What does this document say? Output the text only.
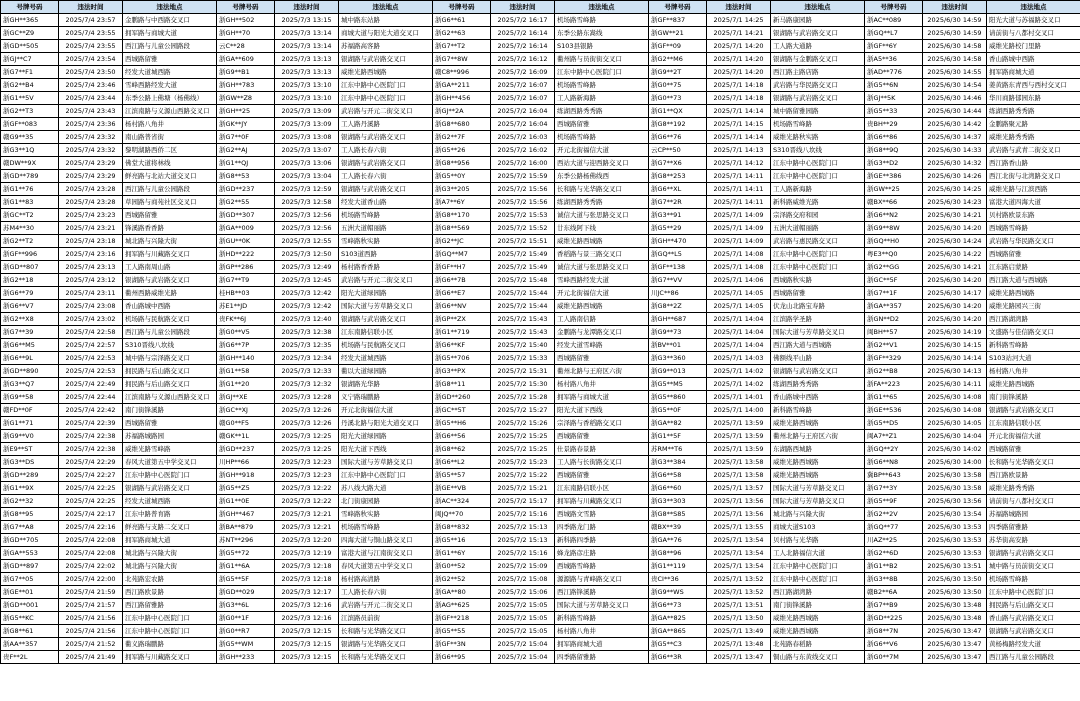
号牌号码	违法时间	违法地点	号牌号码	违法时间	违法地点	号牌号码	违法时间	违法地点	号牌号码	违法时间	违法地点	号牌号码	违法时间	违法地点
浙GH**365	2025/7/4 23:57	金鹏路与中西路交叉口	浙GH**502	2025/7/3 13:15	城中路东站路	浙G6**61	2025/7/2 16:17	机场路雪峰路	浙GF**837	2025/7/1 14:25	新马路康园路	浙AC**089	2025/6/30 14:59	阳光大道与苏福路交叉口
浙GC**Z9	2025/7/4 23:55	拥军路与商城大道	浙GH**70	2025/7/3 13:14	商城大道与阳光大道交叉口	浙G2**63	2025/7/2 16:14	东季公路东嵩线	浙GW**21	2025/7/1 14:21	银湖路与武岩路交叉口	浙GQ**L7	2025/6/30 14:59	请前街与八都村交叉口
浙GD**505	2025/7/4 23:55	西江路与儿童公园路段	云C**28	2025/7/3 13:14	苏福路高客路	浙G7**T2	2025/7/2 16:14	S103县银路	浙GF**09	2025/7/1 14:20	工人路大通路	浙GF**6Y	2025/6/30 14:58	威维光路校门里路
浙GJ**C7	2025/7/4 23:54	西城路留雅	浙GA**609	2025/7/3 13:13	银湖路与武岩路交叉口	浙G7**8W	2025/7/2 16:12	衢州路与员街街交叉口	浙G2**M6	2025/7/1 14:20	银湖路与金鹏路交叉口	浙A5**36	2025/6/30 14:58	香山路城中西路
浙G7**F1	2025/7/4 23:50	经发大道城西路	浙G9**B1	2025/7/3 13:13	威维光路西城路	赣C8**996	2025/7/2 16:09	江东中路中心医院门口	浙G9**2T	2025/7/1 14:20	西江路主路店路	浙AD**776	2025/6/30 14:55	拥军路商城大道
浙G2**B4	2025/7/4 23:46	雪峰西路经发大道	浙GH**783	2025/7/3 13:10	江东中路中心医院门口	浙GA**211	2025/7/2 16:07	机场路雪峰路	浙G0**75	2025/7/1 14:18	武岩路与华民路交叉口	浙G5**6N	2025/6/30 14:54	姜黄路东青西与西村交叉口
浙G1**5V	2025/7/4 23:44	东季公路上佛塘（杨佛线）	浙GW**Z8	2025/7/3 13:10	江东中路中心医院门口	浙GH**456	2025/7/2 16:07	工人路新海路	浙G0**73	2025/7/1 14:18	银湖路与武岩路交叉口	浙GJ**5K	2025/6/30 14:46	华川商路郁园东路
浙G2**T3	2025/7/4 23:43	江滨南路与义源山西路交叉口	浙GH**25	2025/7/3 13:09	武岩路与开元二街交叉口	浙GJ**2A	2025/7/2 16:04	练湖西路秀秀路	浙G1**QX	2025/7/1 14:14	城中路留雅园路	浙G5**33	2025/6/30 14:44	练湖西路秀秀路
浙GF**083	2025/7/4 23:36	杨村路八角井	浙GK**JY	2025/7/3 13:09	工人路丹溪路	浙G8**680	2025/7/2 16:04	西城路留雅	浙G8**192	2025/7/1 14:15	机场路雪峰路	贵BH**29	2025/6/30 14:42	金鹏路聚元路
赣G9**35	2025/7/4 23:32	南山路普省街	浙G7**0F	2025/7/3 13:08	银湖路与武岩路交叉口	浙G2**7F	2025/7/2 16:03	机场路雪峰路	浙G6**76	2025/7/1 14:14	威维光路秋实路	浙G6**86	2025/6/30 14:37	威维光路秀秀路
浙G3**1Q	2025/7/4 23:32	黎明湖路西侨二区	浙G2**AJ	2025/7/3 13:07	工人路长春六街	浙G5**26	2025/7/2 16:02	开元北街福信大道	云CP**50	2025/7/1 14:13	S310晋线八坎线	浙G8**9Q	2025/6/30 14:33	武岩路与武青二街交叉口
赣DW**9X	2025/7/4 23:29	佛堂大道将林线	浙G1**QJ	2025/7/3 13:06	银湖路与武岩路交叉口	浙G8**956	2025/7/2 16:00	西站大道与迎西路交叉口	浙G7**X6	2025/7/1 14:12	江东中路中心医院门口	浙G3**D2	2025/6/30 14:32	西江路香山路
浙GD**789	2025/7/4 23:29	鲜亮路与北站大道交叉口	浙G8**53	2025/7/3 13:04	工人路长春六街	浙G5**0Y	2025/7/2 15:59	东季公路杨佛线西	浙G8**253	2025/7/1 14:11	江东中路中心医院门口	浙GE**386	2025/6/30 14:26	西江北街与北湾路交叉口
浙G1**76	2025/7/4 23:28	西江路与儿童公园路段	浙GD**237	2025/7/3 12:59	银湖路与武岩路交叉口	浙G3**205	2025/7/2 15:56	长和路与光华路交叉口	浙G6**XL	2025/7/1 14:11	工人路新海路	浙GW**25	2025/6/30 14:25	威维光路与江滨西路
浙G1**83	2025/7/4 23:28	草园路与商苑社区交叉口	浙G2**55	2025/7/3 12:58	经发大道香山路	浙A7**6Y	2025/7/2 15:56	练湖西路秀秀路	浙G7**2R	2025/7/1 14:11	新科路威维光路	赣BX**66	2025/6/30 14:23	富港大道四海大道
浙GC**T2	2025/7/4 23:23	西城路留雅	浙GD**307	2025/7/3 12:56	机场路雪峰路	浙G8**170	2025/7/2 15:53	诚信大道与张思路交叉口	浙G3**91	2025/7/1 14:09	宗泽路交府和园	浙G6**N2	2025/6/30 14:21	贝村路欧景东路
苏M4**30	2025/7/4 23:21	锋溪路香香路	浙GA**009	2025/7/3 12:56	五洲大道帽丽路	浙G8**569	2025/7/2 15:52	廿东线阿下线	浙G5**29	2025/7/1 14:09	五洲大道帽丽路	浙G9**8W	2025/6/30 14:20	西城路雪峰路
浙G2**T2	2025/7/4 23:18	城北路与兴隆大街	浙GU**0K	2025/7/3 12:55	雪峰路秋实路	浙G2**JC	2025/7/2 15:51	威维光路西城路	浙GH**470	2025/7/1 14:09	武岩路与惠民路交叉口	浙GQ**H0	2025/6/30 14:24	武岩路与华民路交叉口
浙GF**996	2025/7/4 23:16	拥军路与川藏路交叉口	浙HD**222	2025/7/3 12:50	S103道西路	浙GQ**M7	2025/7/2 15:49	香稻路与景三路交叉口	浙GQ**L5	2025/7/1 14:08	江东中路中心医院门口	粤E3**Q0	2025/6/30 14:22	西城路留雅
浙GD**807	2025/7/4 23:13	工人路南周山路	浙GP**286	2025/7/3 12:49	杨村路香香路	浙GF**H7	2025/7/2 15:49	诚信大道与张思路交叉口	浙GF**138	2025/7/1 14:08	江东中路中心医院门口	浙G2**GG	2025/6/30 14:21	江东路启蒙路
浙G2**18	2025/7/4 23:12	银湖路与武岩路交叉口	浙G7**T9	2025/7/3 12:45	武岩路与开元二街交叉口	浙G6**7B	2025/7/2 15:48	雪峰西路经发大道	浙G7**VV	2025/7/1 14:06	西城路秋实路	浙GC**5F	2025/6/30 14:20	西江路大道与西城路
浙G6**79	2025/7/4 23:11	衢州西路威维光路	桂HB**03	2025/7/3 12:42	阳光大道绿园路	浙G6**E7	2025/7/2 15:44	开元北街福信大道	川JC**86	2025/7/1 14:05	西城路留雅	浙G7**1F	2025/6/30 14:17	威维光路西城路
浙G6**V7	2025/7/4 23:08	香山路城中西路	苏E1**JD	2025/7/3 12:42	国际大道与芳草路交叉口	浙G6**NV	2025/7/2 15:44	威维光路西城路	浙G8**2Z	2025/7/1 14:05	伏龙山北路宝寿路	浙GA**357	2025/6/30 14:20	威维光路园兴三街
浙G2**X8	2025/7/4 23:02	机场路与民航路交叉口	贵FK**6J	2025/7/3 12:40	银湖路与武岩路交叉口	浙GP**ZX	2025/7/2 15:43	工人路南信路	浙GH**687	2025/7/1 14:04	江滨路学圣路	浙GN**D2	2025/6/30 14:20	西江路湖湾路
浙G7**39	2025/7/4 22:58	西江路与儿童公园路段	浙G0**V5	2025/7/3 12:38	江东南路信联小区	浙G1**719	2025/7/2 15:43	金鹏路与龙潭路交叉口	浙G9**73	2025/7/1 14:04	国际大道与芳草路交叉口	闽BH**57	2025/6/30 14:19	文盛路与佳信路交叉口
浙G6**M5	2025/7/4 22:57	S310晋线八坎线	浙G6**7P	2025/7/3 12:35	机场路与民航路交叉口	浙G6**KF	2025/7/2 15:40	经发大道雪峰路	浙BV**01	2025/7/1 14:04	西江路大道与西城路	浙G2**V1	2025/6/30 14:15	新科路雪峰路
浙G6**9L	2025/7/4 22:53	城中路与宗泽路交叉口	浙GH**140	2025/7/3 12:34	经发大道城西路	浙G5**706	2025/7/2 15:33	西城路留雅	浙G3**360	2025/7/1 14:03	佛额线平山路	浙GF**329	2025/6/30 14:14	S103站河大道
浙GD**890	2025/7/4 22:53	拥民路与后山路交叉口	浙G1**58	2025/7/3 12:33	衢以大道绿园路	浙G3**PX	2025/7/2 15:31	衢州北路与王府区六街	浙G9**013	2025/7/1 14:02	银湖路与武岩路交叉口	浙G2**B8	2025/6/30 14:13	杨村路八角井
浙G3**Q7	2025/7/4 22:49	拥民路与后山路交叉口	浙G1**20	2025/7/3 12:32	银湖路光华路	浙G8**11	2025/7/2 15:30	杨村路八角井	浙G5**M5	2025/7/1 14:02	练湖西路秀秀路	浙FA**223	2025/6/30 14:11	威维光路西城路
浙G9**58	2025/7/4 22:44	江滨南路与义源山西路交叉口	浙GJ**XE	2025/7/3 12:28	义宁路瑞鹏路	浙GD**260	2025/7/2 15:28	拥军路与商城大道	浙G5**860	2025/7/1 14:01	香山路城中西路	浙G1**65	2025/6/30 14:08	南门街锋溪路
赣FD**0F	2025/7/4 22:42	南门街锋溪路	浙GC**XJ	2025/7/3 12:26	开元北街福信大道	浙GC**5T	2025/7/2 15:27	阳光大道下西线	浙G5**0F	2025/7/1 14:00	新科路雪峰路	浙GE**536	2025/6/30 14:08	银湖路与武岩路交叉口
浙G1**71	2025/7/4 22:39	西城路留雅	赣G0**F5	2025/7/3 12:26	丹溪北路与阳光大道交叉口	浙G5**H6	2025/7/2 15:26	宗泽路与香稻路交叉口	浙GA**82	2025/7/1 13:59	威维光路西城路	浙G5**D5	2025/6/30 14:05	江东南路信联小区
浙G9**V0	2025/7/4 22:38	苏福路城路园	赣GK**1L	2025/7/3 12:25	阳光大道绿园路	浙G6**56	2025/7/2 15:25	西城路留雅	浙G1**5F	2025/7/1 13:59	衢州北路与王府区六街	闽A7**Z1	2025/6/30 14:04	开元北街福信大道
浙E9**ST	2025/7/4 22:38	威维光路雪峰路	浙GD**237	2025/7/3 12:25	阳光大道下西线	浙G8**62	2025/7/2 15:25	仕景路春景路	苏RM**T6	2025/7/1 13:59	东湖路西城路	浙GQ**2Y	2025/6/30 14:02	西城路留雅
浙G3**DS	2025/7/4 22:29	春风大道第五中学交叉口	川HP**66	2025/7/3 12:23	国际大道与芳草路交叉口	浙G6**L2	2025/7/2 15:23	工人路与长街路交叉口	浙G3**384	2025/7/1 13:58	威维光路西城路	浙G6**N8	2025/6/30 14:00	长和路与光华路交叉口
浙GD**289	2025/7/4 22:27	江东中路中心医院门口	浙GH**918	2025/7/3 12:23	江东中路中心医院门口	浙G5**57	2025/7/2 15:22	西城路留雅	浙G6**58	2025/7/1 13:58	威维光路西城路	冀BP**643	2025/6/30 13:58	西江路欧景路
浙G1**9X	2025/7/4 22:25	银湖路与武岩路交叉口	浙G5**Z5	2025/7/3 12:22	苏八线大路大道	浙GE**VB	2025/7/2 15:21	江东南路信联小区	浙G6**60	2025/7/1 13:57	国际大道与芳草路交叉口	浙G7**3Y	2025/6/30 13:58	威维光路秀秀路
浙G2**32	2025/7/4 22:25	经发大道城西路	浙G1**0E	2025/7/3 12:22	北门街康园路	浙AC**324	2025/7/2 15:17	拥军路与川藏路交叉口	浙G3**303	2025/7/1 13:56	国际大道与芳草路交叉口	浙G5**9F	2025/6/30 13:56	请前街与八都村交叉口
浙G8**95	2025/7/4 22:17	江东中路普育路	浙GH**467	2025/7/3 12:21	雪峰路秋实路	闽JQ**70	2025/7/2 15:16	西城路文雪路	浙G8**S85	2025/7/1 13:56	城北路与兴隆大街	浙G2**2V	2025/6/30 13:54	苏福路城路园
浙G7**A8	2025/7/4 22:16	鲜亮路与支路二交叉口	浙BA**879	2025/7/3 12:21	机场路雪峰路	浙G8**832	2025/7/2 15:13	四季路龙门路	赣BX**39	2025/7/1 13:55	商城大道S103	浙GQ**77	2025/6/30 13:53	四季路留雅路
浙GD**705	2025/7/4 22:08	拥军路商城大道	苏NT**296	2025/7/3 12:20	四海大道与铜山路交叉口	浙G5**16	2025/7/2 15:13	新科路四季路	浙GA**76	2025/7/1 13:54	贝村路与光华路	川AZ**25	2025/6/30 13:53	苏华街高安路
浙GA**553	2025/7/4 22:08	城北路与兴隆大街	浙G5**72	2025/7/3 12:19	富港大道与江南街交叉口	浙G1**6Y	2025/7/2 15:16	蜂龙路彦庄路	浙G8**96	2025/7/1 13:54	工人北路福信大道	浙G2**6D	2025/6/30 13:53	银湖路与武岩路交叉口
浙GD**897	2025/7/4 22:02	城北路与兴隆大街	浙G1**6A	2025/7/3 12:18	春风大道第五中学交叉口	浙G0**52	2025/7/2 15:09	西城路雪峰路	浙G1**119	2025/7/1 13:54	江东中路中心医院门口	浙G1**B2	2025/6/30 13:51	城中路与员前街交叉口
浙G7**05	2025/7/4 22:00	北苑路宏农路	浙G5**5F	2025/7/3 12:18	杨村路高清路	浙G2**52	2025/7/2 15:08	源源路与青峰路交叉口	贵CI**36	2025/7/1 13:52	江东中路中心医院门口	浙G3**8B	2025/6/30 13:50	机场路雪峰路
浙GE**01	2025/7/4 21:59	西江路欧景路	浙GD**029	2025/7/3 12:17	工人路长春六街	浙GA**80	2025/7/2 15:06	西江路锋溪路	浙G9**WS	2025/7/1 13:52	西江路湖湾路	赣B2**6A	2025/6/30 13:50	江东中路中心医院门口
浙GD**001	2025/7/4 21:57	西江路留雅路	浙G3**6L	2025/7/3 12:16	武岩路与开元二街交叉口	浙AG**625	2025/7/2 15:05	国际大道与芳草路交叉口	浙G6**73	2025/7/1 13:51	南门街锋溪路	浙G7**B9	2025/6/30 13:48	拥民路与后山路交叉口
浙G5**KC	2025/7/4 21:56	江东中路中心医院门口	浙G0**1F	2025/7/3 12:16	江滨路员前街	浙GF**218	2025/7/2 15:05	新科路雪峰路	浙GA**825	2025/7/1 13:50	威维光路西城路	浙GD**225	2025/6/30 13:48	香山路与武岩路交叉口
浙G8**61	2025/7/4 21:56	江东中路中心医院门口	浙G0**R7	2025/7/3 12:15	长和路与光华路交叉口	浙G5**55	2025/7/2 15:05	杨村路八角井	浙GA**865	2025/7/1 13:49	威维光路西城路	浙G8**7N	2025/6/30 13:47	银湖路与武岩路交叉口
浙AA**357	2025/7/4 21:52	衢义路瑞鹏路	浙G5**WM	2025/7/3 12:15	银湖路与光华路交叉口	浙GF**3N	2025/7/2 15:04	拥军路商城大道	浙G5**C3	2025/7/1 13:48	北苑路春稻路	浙G6**V6	2025/6/30 13:47	黄杨梅路经发大道
贵F**2L	2025/7/4 21:49	拥军路与川藏路交叉口	浙GH**233	2025/7/3 12:15	长和路与光华路交叉口	浙G6**95	2025/7/2 15:04	四季路留雅路	浙G6**3R	2025/7/1 13:47	铜山路与东黄线交叉口	浙G0**7M	2025/6/30 13:47	西江路与儿童公园路段
